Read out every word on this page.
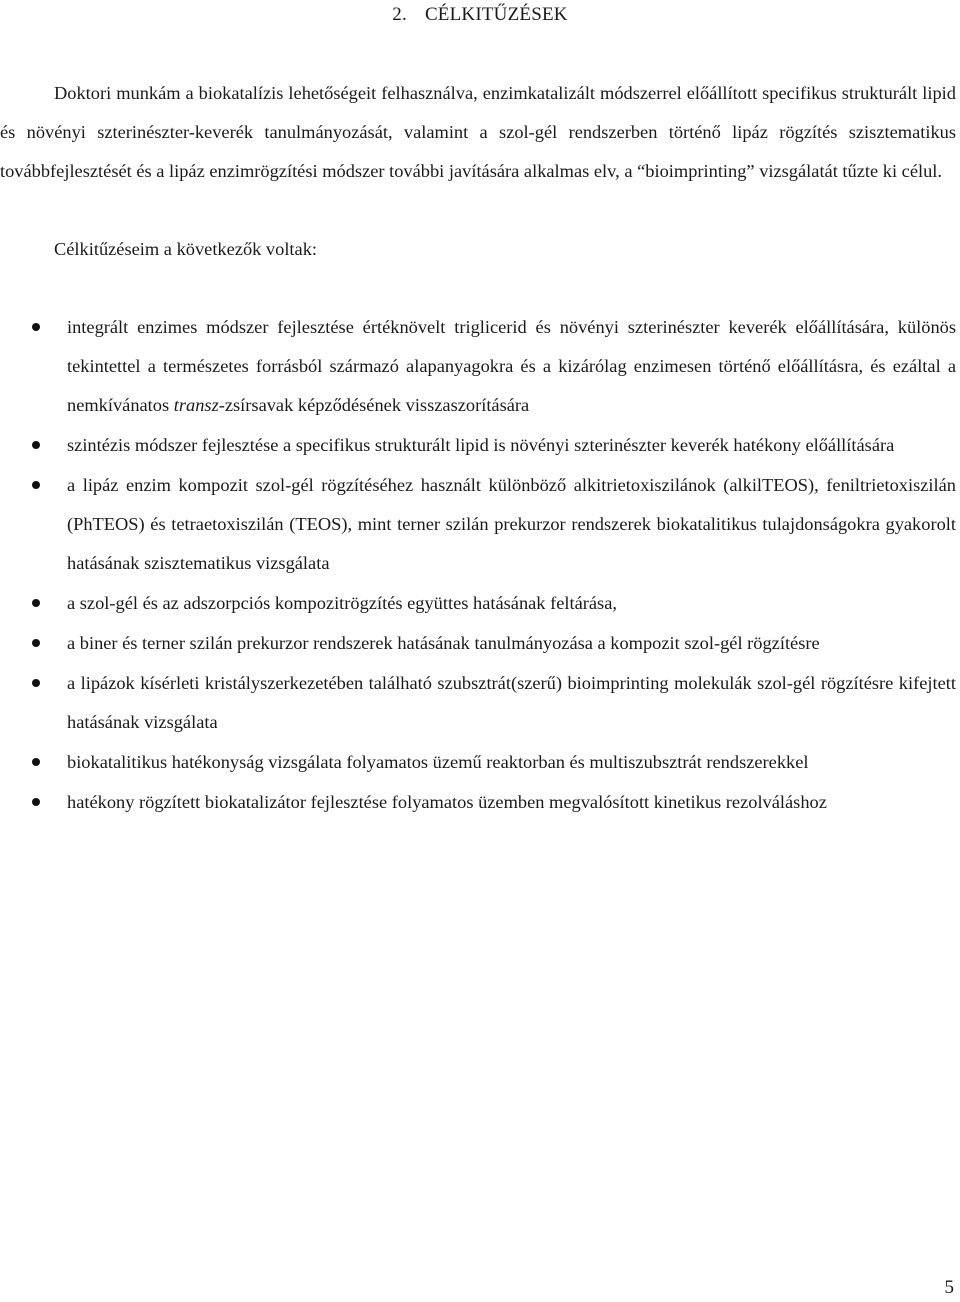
2. CÉLKITŰZÉSEK

Doktori munkám a biokatalízis lehetőségeit felhasználva, enzimkatalizált módszerrel előállított specifikus strukturált lipid és növényi szterinészter-keverék tanulmányozását, valamint a szol-gél rendszerben történő lipáz rögzítés szisztematikus továbbfejlesztését és a lipáz enzimrögzítési módszer további javítására alkalmas elv, a “bioimprinting” vizsgálatát tűzte ki célul.

Célkitűzéseim a következők voltak:

integrált enzimes módszer fejlesztése értéknövelt triglicerid és növényi szterinészter keverék előállítására, különös tekintettel a természetes forrásból származó alapanyagokra és a kizárólag enzimesen történő előállításra, és ezáltal a nemkívánatos transz-zsírsavak képződésének visszaszorítására
szintézis módszer fejlesztése a specifikus strukturált lipid is növényi szterinészter keverék hatékony előállítására
a lipáz enzim kompozit szol-gél rögzítéséhez használt különböző alkitrietoxiszilánok (alkilTEOS), feniltrietoxiszilán (PhTEOS) és tetraetoxiszilán (TEOS), mint terner szilán prekurzor rendszerek biokatalitikus tulajdonságokra gyakorolt hatásának szisztematikus vizsgálata
a szol-gél és az adszorpciós kompozitrögzítés együttes hatásának feltárása,
a biner és terner szilán prekurzor rendszerek hatásának tanulmányozása a kompozit szol-gél rögzítésre
a lipázok kísérleti kristályszerkezetében található szubsztrát(szerű) bioimprinting molekulák szol-gél rögzítésre kifejtett hatásának vizsgálata
biokatalitikus hatékonyság vizsgálata folyamatos üzemű reaktorban és multiszubsztrát rendszerekkel
hatékony rögzített biokatalizátor fejlesztése folyamatos üzemben megvalósított kinetikus rezolváláshoz
5
